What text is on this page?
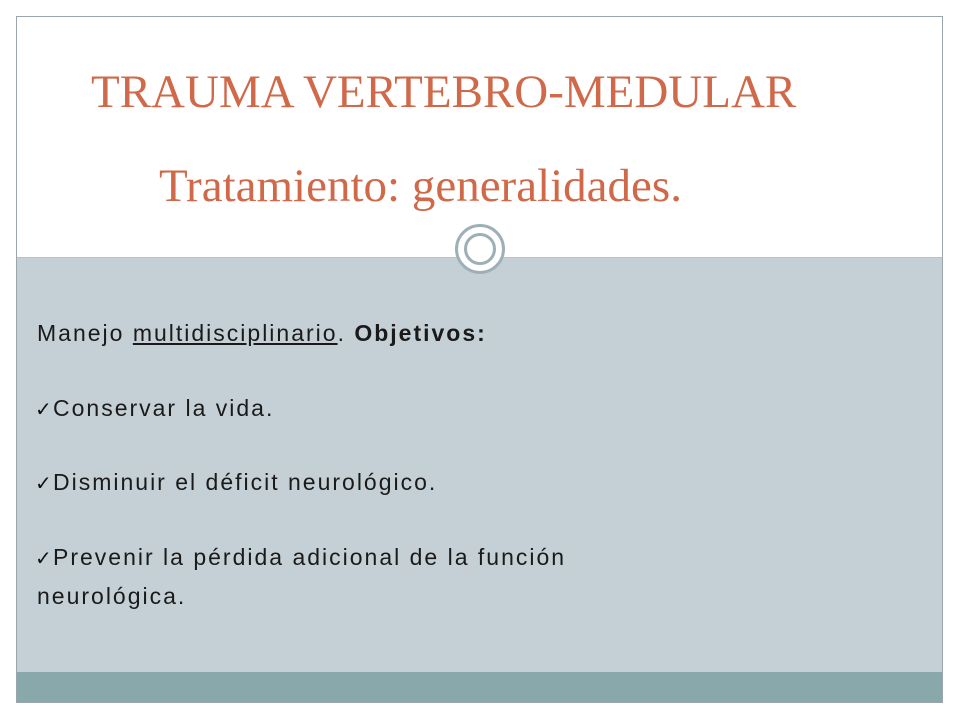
TRAUMA VERTEBRO-MEDULAR
Tratamiento: generalidades.
Manejo multidisciplinario. Objetivos:
✓ Conservar la vida.
✓ Disminuir el déficit neurológico.
✓ Prevenir la pérdida adicional de la función
neurológica.
